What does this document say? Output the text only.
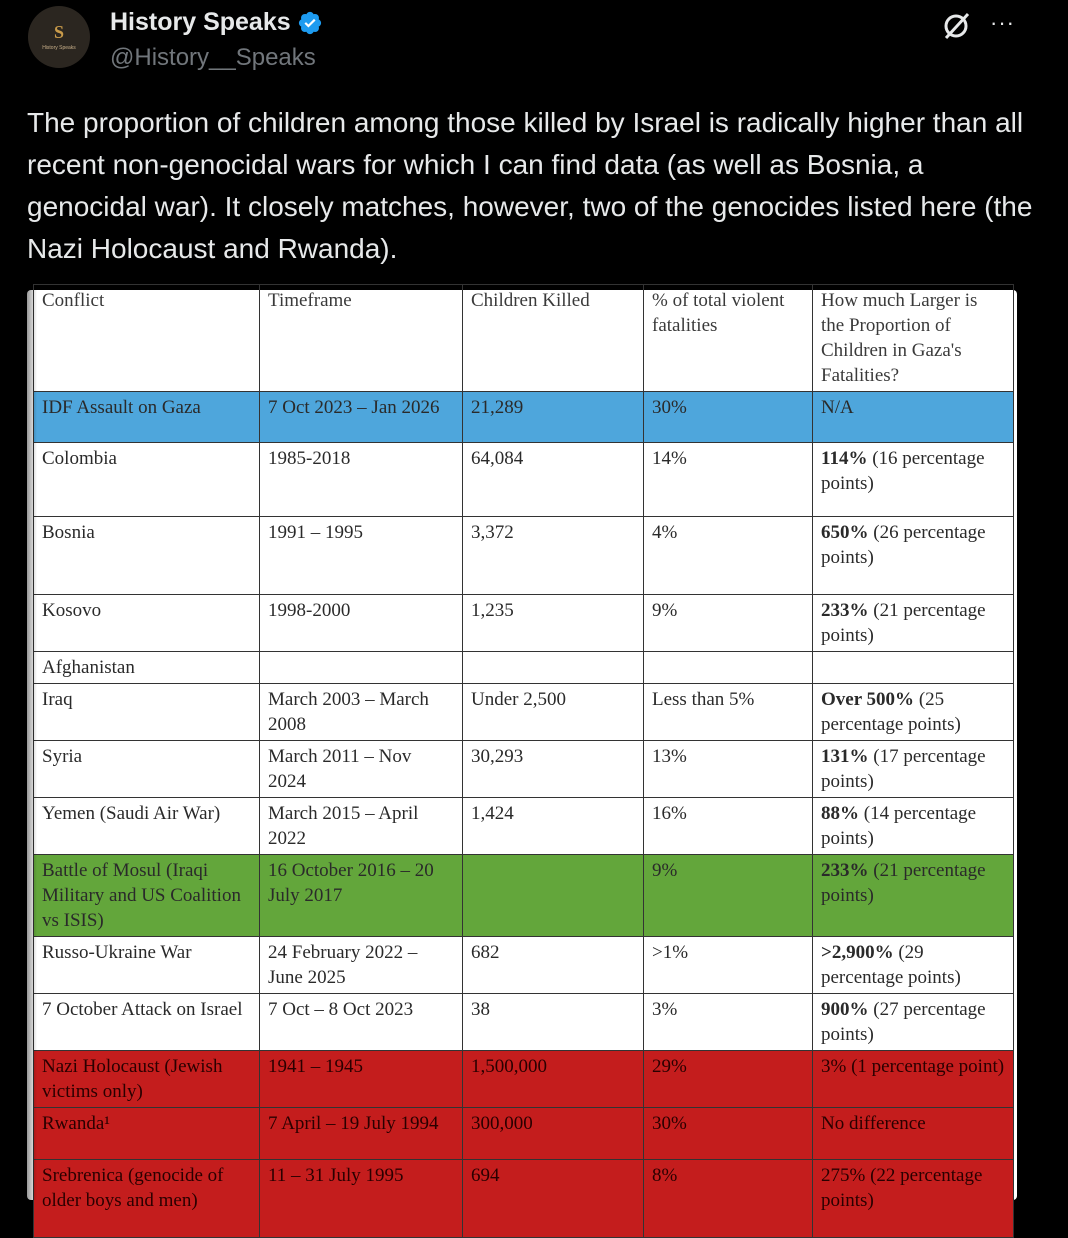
S
History Speaks
History Speaks
@History__Speaks
···
The proportion of children among those killed by Israel is radically higher than all recent non-genocidal wars for which I can find data (as well as Bosnia, a genocidal war). It closely matches, however, two of the genocides listed here (the Nazi Holocaust and Rwanda).
Conflict	Timeframe	Children Killed	% of total violent fatalities	How much Larger is the Proportion of Children in Gaza's Fatalities?
IDF Assault on Gaza	7 Oct 2023 – Jan 2026	21,289	30%	N/A
Colombia	1985-2018	64,084	14%	114% (16 percentage points)
Bosnia	1991 – 1995	3,372	4%	650% (26 percentage points)
Kosovo	1998-2000	1,235	9%	233% (21 percentage points)
Afghanistan				
Iraq	March 2003 – March 2008	Under 2,500	Less than 5%	Over 500% (25 percentage points)
Syria	March 2011 – Nov 2024	30,293	13%	131% (17 percentage points)
Yemen (Saudi Air War)	March 2015 – April 2022	1,424	16%	88% (14 percentage points)
Battle of Mosul (Iraqi Military and US Coalition vs ISIS)	16 October 2016 – 20 July 2017		9%	233% (21 percentage points)
Russo-Ukraine War	24 February 2022 – June 2025	682	>1%	>2,900% (29 percentage points)
7 October Attack on Israel	7 Oct – 8 Oct 2023	38	3%	900% (27 percentage points)
Nazi Holocaust (Jewish victims only)	1941 – 1945	1,500,000	29%	3% (1 percentage point)
Rwanda¹	7 April – 19 July 1994	300,000	30%	No difference
Srebrenica (genocide of older boys and men)	11 – 31 July 1995	694	8%	275% (22 percentage points)
